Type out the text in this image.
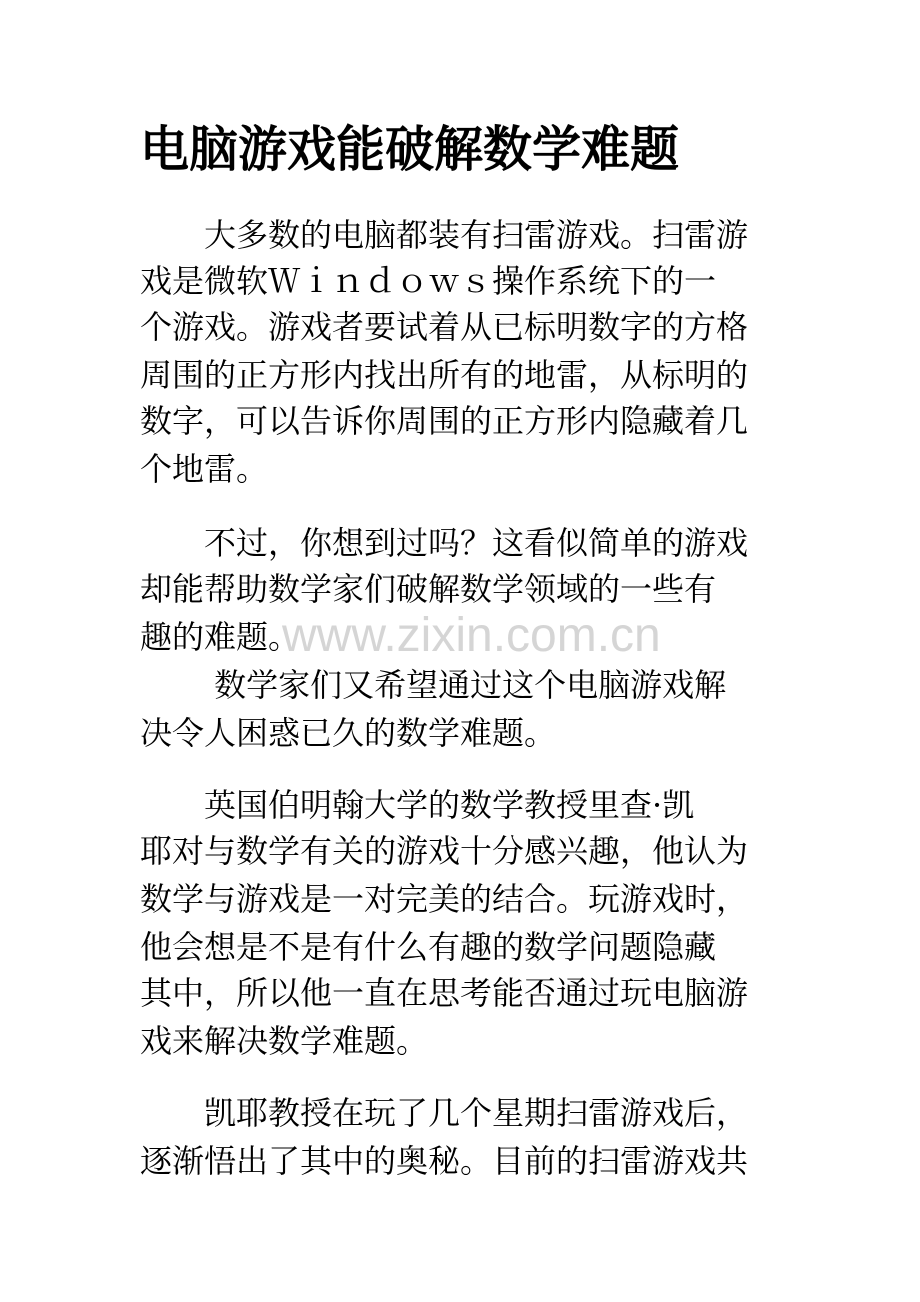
电脑游戏能破解数学难题

　　大多数的电脑都装有扫雷游戏。扫雷游

戏是微软Ｗｉｎｄｏｗｓ操作系统下的一

个游戏。游戏者要试着从已标明数字的方格

周围的正方形内找出所有的地雷，从标明的

数字，可以告诉你周围的正方形内隐藏着几

个地雷。

　　不过，你想到过吗？这看似简单的游戏

却能帮助数学家们破解数学领域的一些有

趣的难题。

　　 数学家们又希望通过这个电脑游戏解

决令人困惑已久的数学难题。

　　英国伯明翰大学的数学教授里查·凯

耶对与数学有关的游戏十分感兴趣，他认为

数学与游戏是一对完美的结合。玩游戏时，

他会想是不是有什么有趣的数学问题隐藏

其中，所以他一直在思考能否通过玩电脑游

戏来解决数学难题。

　　凯耶教授在玩了几个星期扫雷游戏后，

逐渐悟出了其中的奥秘。目前的扫雷游戏共

www.zixin.com.cn
